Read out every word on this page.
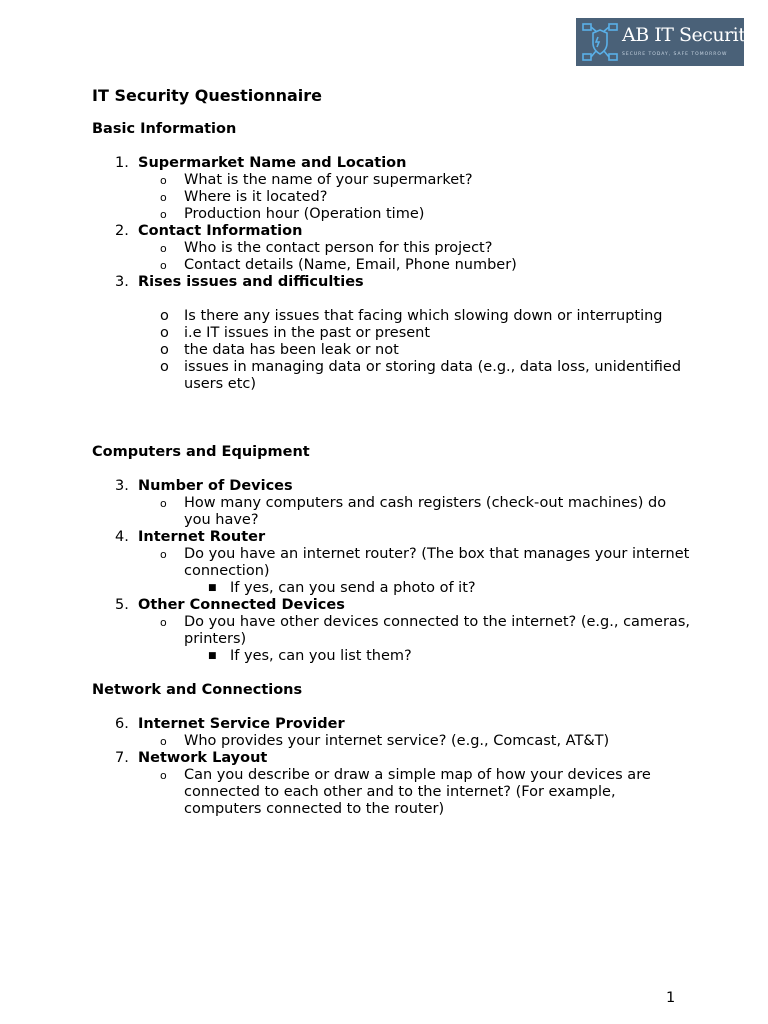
AB IT Security
SECURE TODAY, SAFE TOMORROW
IT Security Questionnaire
Basic Information
1. Supermarket Name and Location
o What is the name of your supermarket?
o Where is it located?
o Production hour (Operation time)
2. Contact Information
o Who is the contact person for this project?
o Contact details (Name, Email, Phone number)
3. Rises issues and difficulties
o Is there any issues that facing which slowing down or interrupting
o i.e IT issues in the past or present
o the data has been leak or not
o issues in managing data or storing data (e.g., data loss, unidentified users etc)
Computers and Equipment
3. Number of Devices
o How many computers and cash registers (check-out machines) do you have?
4. Internet Router
o Do you have an internet router? (The box that manages your internet connection)
■ If yes, can you send a photo of it?
5. Other Connected Devices
o Do you have other devices connected to the internet? (e.g., cameras, printers)
■ If yes, can you list them?
Network and Connections
6. Internet Service Provider
o Who provides your internet service? (e.g., Comcast, AT&T)
7. Network Layout
o Can you describe or draw a simple map of how your devices are connected to each other and to the internet? (For example, computers connected to the router)
1
